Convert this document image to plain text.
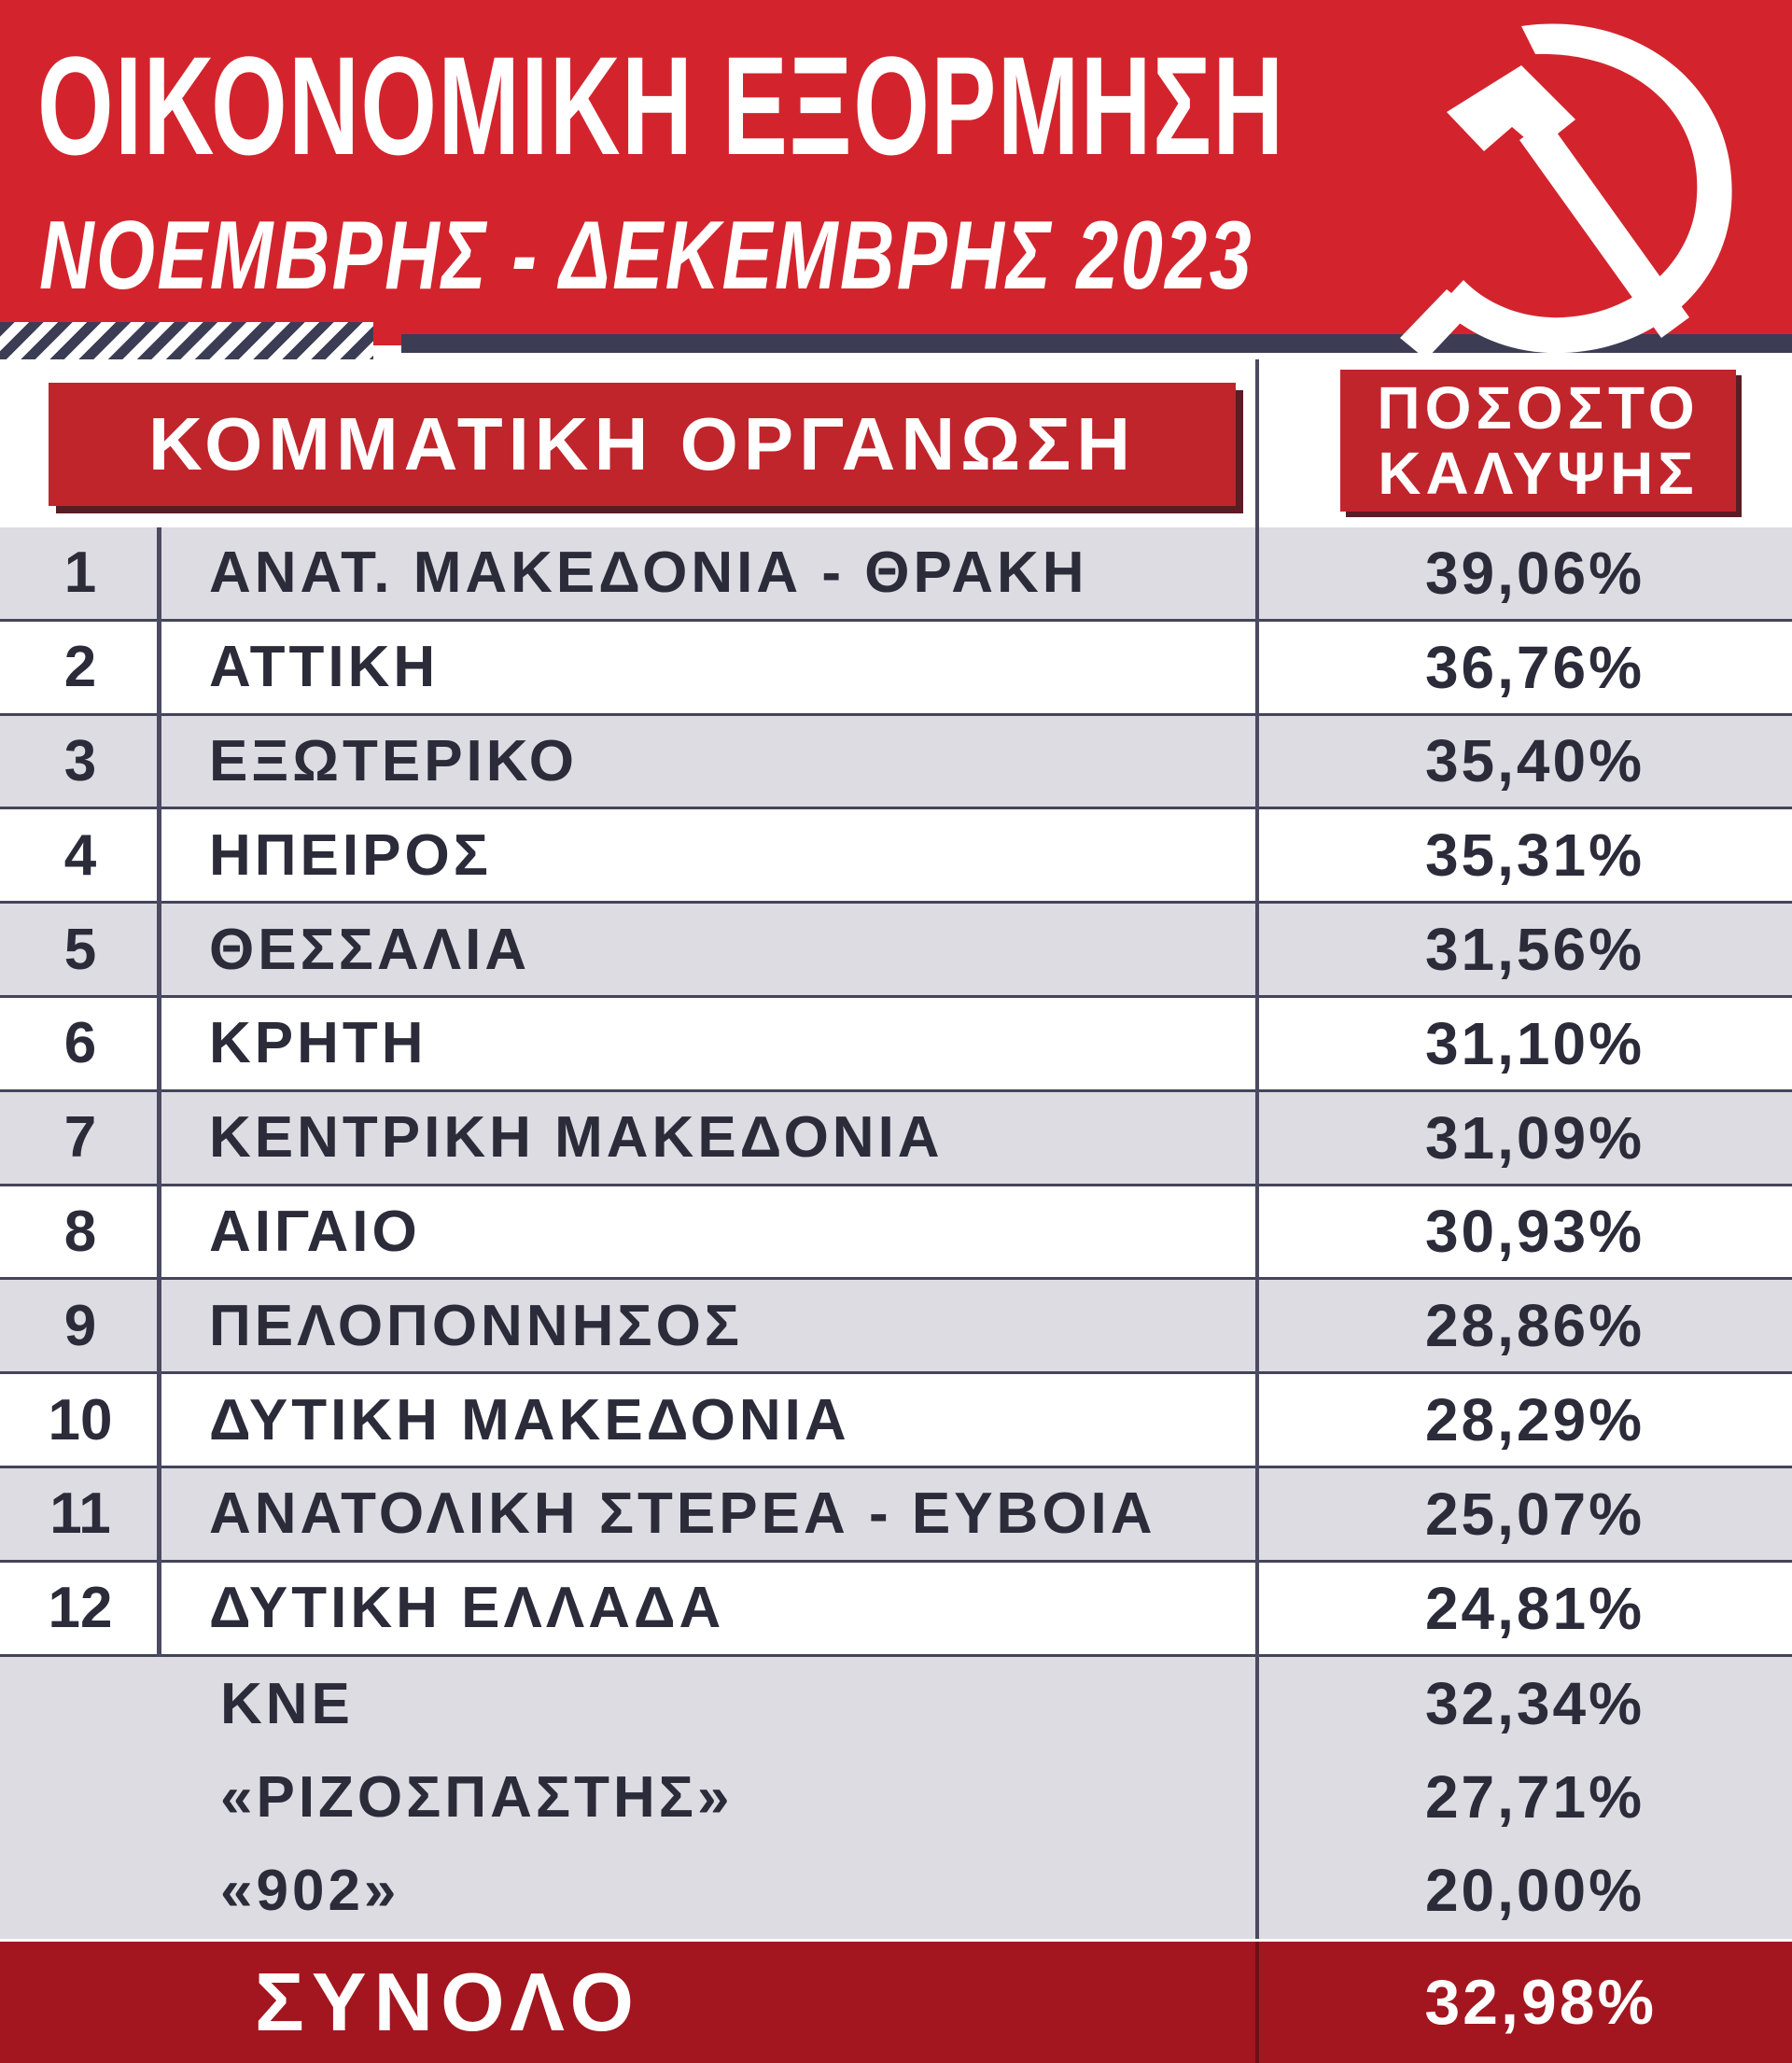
ΟΙΚΟΝΟΜΙΚΗ ΕΞΟΡΜΗΣΗ
ΝΟΕΜΒΡΗΣ - ΔΕΚΕΜΒΡΗΣ 2023
ΚΟΜΜΑΤΙΚΗ ΟΡΓΑΝΩΣΗ	ΠΟΣΟΣΤΟ
ΚΑΛΥΨΗΣ
1	ΑΝΑΤ. ΜΑΚΕΔΟΝΙΑ - ΘΡΑΚΗ	39,06%
2	ΑΤΤΙΚΗ	36,76%
3	ΕΞΩΤΕΡΙΚΟ	35,40%
4	ΗΠΕΙΡΟΣ	35,31%
5	ΘΕΣΣΑΛΙΑ	31,56%
6	ΚΡΗΤΗ	31,10%
7	ΚΕΝΤΡΙΚΗ ΜΑΚΕΔΟΝΙΑ	31,09%
8	ΑΙΓΑΙΟ	30,93%
9	ΠΕΛΟΠΟΝΝΗΣΟΣ	28,86%
10	ΔΥΤΙΚΗ ΜΑΚΕΔΟΝΙΑ	28,29%
11	ΑΝΑΤΟΛΙΚΗ ΣΤΕΡΕΑ - ΕΥΒΟΙΑ	25,07%
12	ΔΥΤΙΚΗ ΕΛΛΑΔΑ	24,81%
ΚΝΕ	32,34%
«ΡΙΖΟΣΠΑΣΤΗΣ»	27,71%
«902»	20,00%
ΣΥΝΟΛΟ	32,98%
